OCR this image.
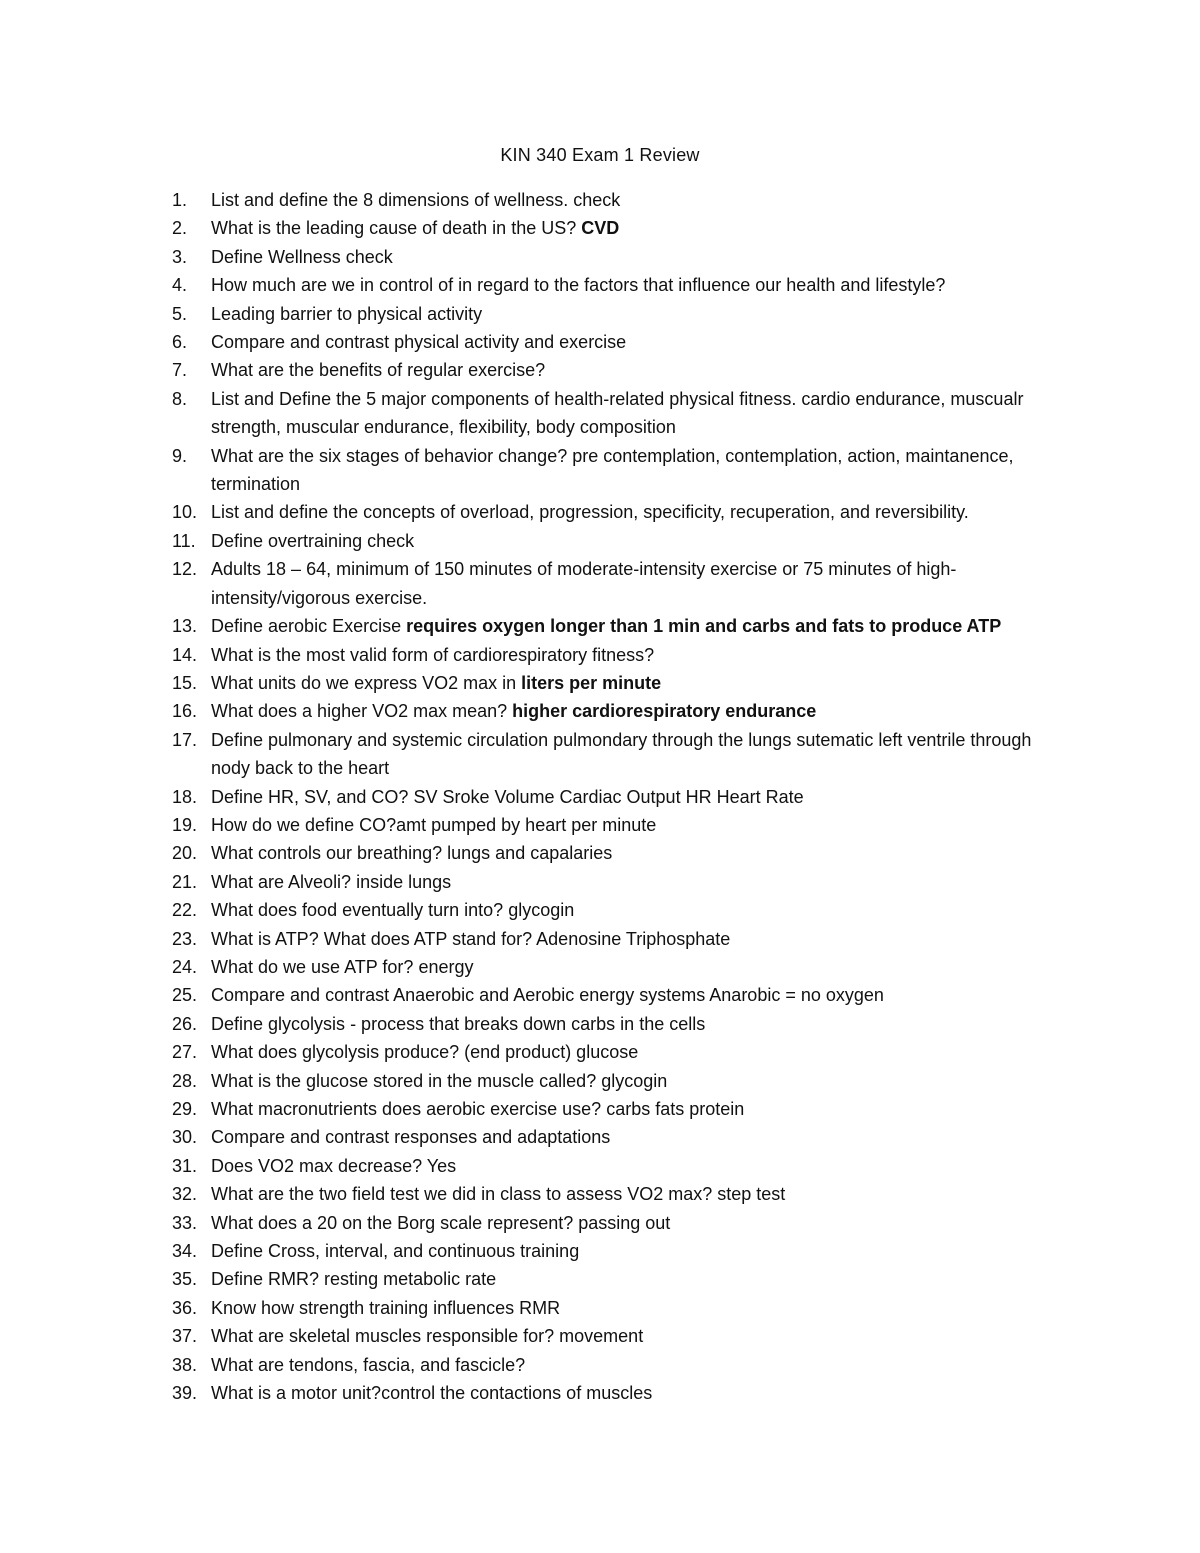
KIN 340 Exam 1 Review
1. List and define the 8 dimensions of wellness. check
2. What is the leading cause of death in the US? CVD
3. Define Wellness check
4. How much are we in control of in regard to the factors that influence our health and lifestyle?
5. Leading barrier to physical activity
6. Compare and contrast physical activity and exercise
7. What are the benefits of regular exercise?
8. List and Define the 5 major components of health-related physical fitness. cardio endurance, muscualr strength, muscular endurance, flexibility, body composition
9. What are the six stages of behavior change? pre contemplation, contemplation, action, maintanence, termination
10. List and define the concepts of overload, progression, specificity, recuperation, and reversibility.
11. Define overtraining check
12. Adults 18 – 64, minimum of 150 minutes of moderate-intensity exercise or 75 minutes of high-intensity/vigorous exercise.
13. Define aerobic Exercise requires oxygen longer than 1 min and carbs and fats to produce ATP
14. What is the most valid form of cardiorespiratory fitness?
15. What units do we express VO2 max in liters per minute
16. What does a higher VO2 max mean? higher cardiorespiratory endurance
17. Define pulmonary and systemic circulation pulmondary through the lungs sutematic left ventrile through nody back to the heart
18. Define HR, SV, and CO? SV Sroke Volume Cardiac Output HR Heart Rate
19. How do we define CO?amt pumped by heart per minute
20. What controls our breathing? lungs and capalaries
21. What are Alveoli? inside lungs
22. What does food eventually turn into? glycogin
23. What is ATP? What does ATP stand for? Adenosine Triphosphate
24. What do we use ATP for? energy
25. Compare and contrast Anaerobic and Aerobic energy systems Anarobic = no oxygen
26. Define glycolysis - process that breaks down carbs in the cells
27. What does glycolysis produce? (end product) glucose
28. What is the glucose stored in the muscle called? glycogin
29. What macronutrients does aerobic exercise use? carbs fats protein
30. Compare and contrast responses and adaptations
31. Does VO2 max decrease? Yes
32. What are the two field test we did in class to assess VO2 max? step test
33. What does a 20 on the Borg scale represent? passing out
34. Define Cross, interval, and continuous training
35. Define RMR? resting metabolic rate
36. Know how strength training influences RMR
37. What are skeletal muscles responsible for? movement
38. What are tendons, fascia, and fascicle?
39. What is a motor unit?control the contactions of muscles
